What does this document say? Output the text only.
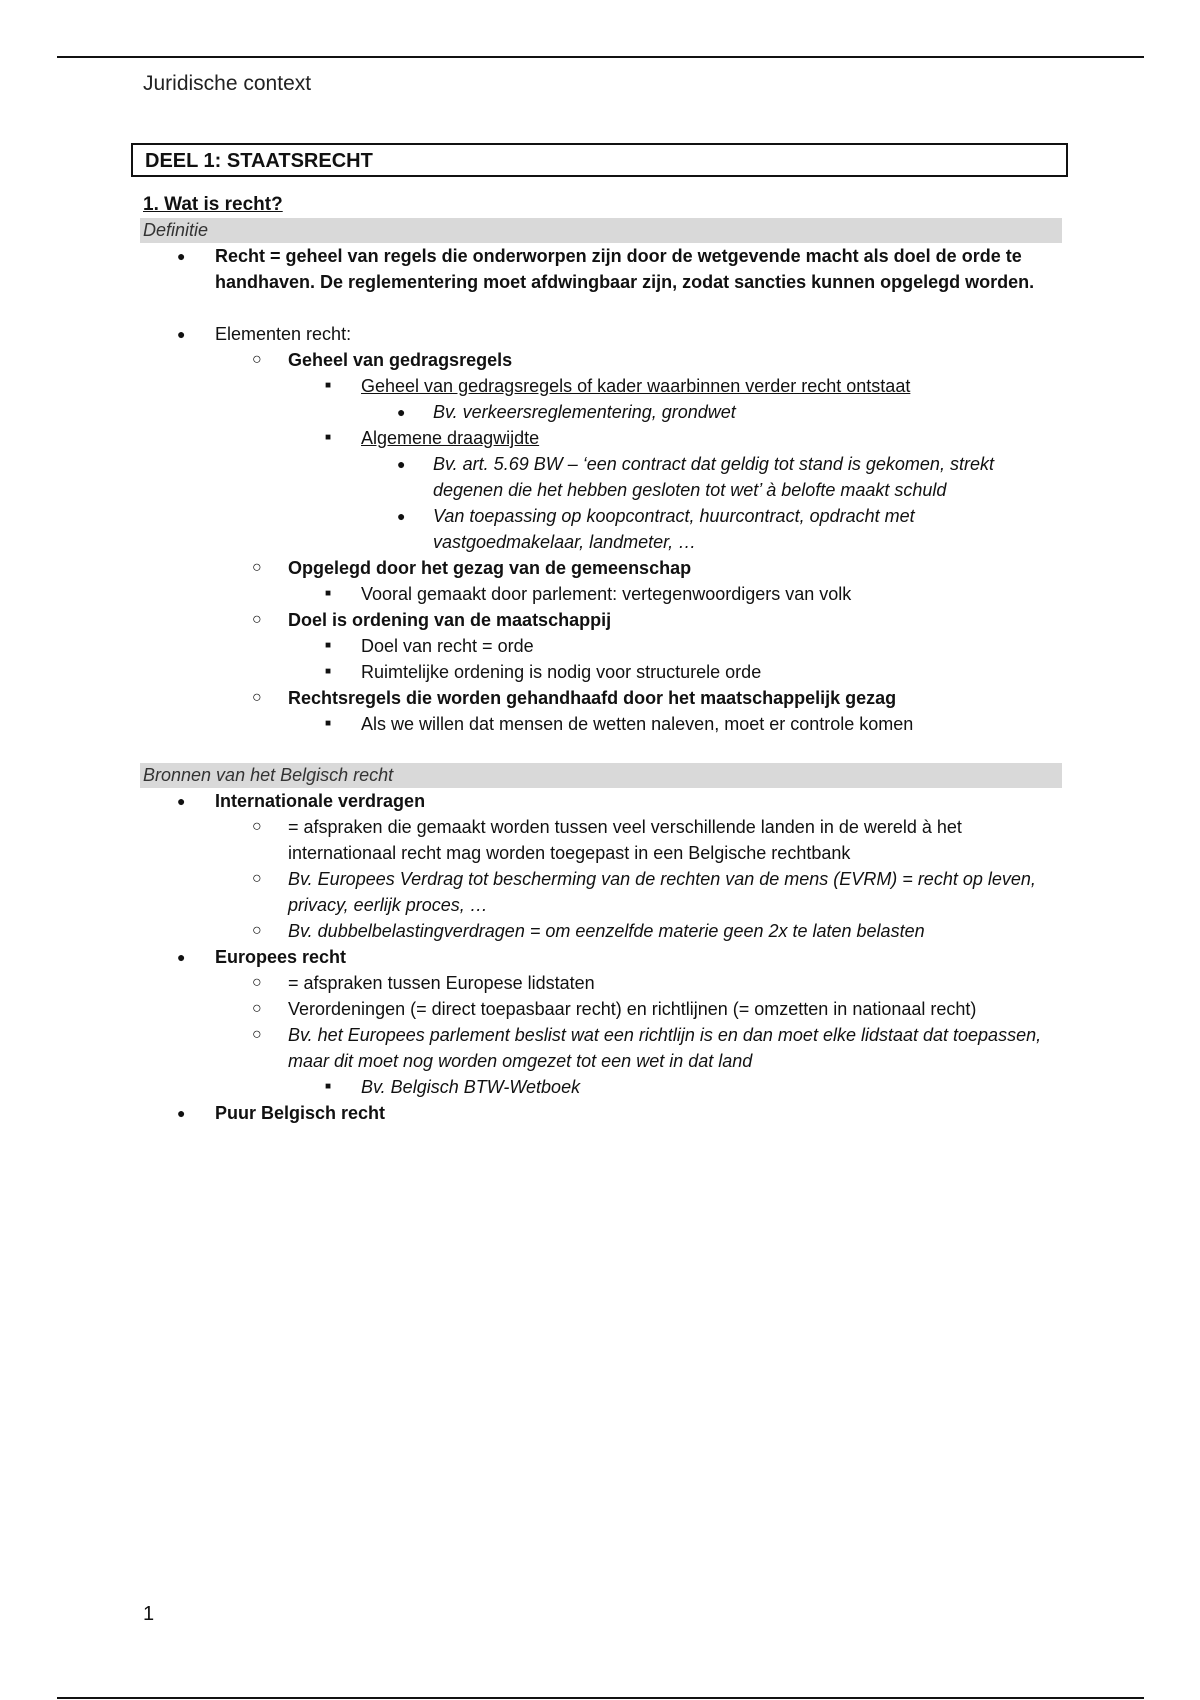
Juridische context
DEEL 1: STAATSRECHT
1. Wat is recht?
Definitie
● Recht = geheel van regels die onderworpen zijn door de wetgevende macht als doel de orde te handhaven. De reglementering moet afdwingbaar zijn, zodat sancties kunnen opgelegd worden.
● Elementen recht:
○ Geheel van gedragsregels
■ Geheel van gedragsregels of kader waarbinnen verder recht ontstaat
● Bv. verkeersreglementering, grondwet
■ Algemene draagwijdte
● Bv. art. 5.69 BW – ‘een contract dat geldig tot stand is gekomen, strekt degenen die het hebben gesloten tot wet’ à belofte maakt schuld
● Van toepassing op koopcontract, huurcontract, opdracht met vastgoedmakelaar, landmeter, …
○ Opgelegd door het gezag van de gemeenschap
■ Vooral gemaakt door parlement: vertegenwoordigers van volk
○ Doel is ordening van de maatschappij
■ Doel van recht = orde
■ Ruimtelijke ordening is nodig voor structurele orde
○ Rechtsregels die worden gehandhaafd door het maatschappelijk gezag
■ Als we willen dat mensen de wetten naleven, moet er controle komen
Bronnen van het Belgisch recht
● Internationale verdragen
○ = afspraken die gemaakt worden tussen veel verschillende landen in de wereld à het internationaal recht mag worden toegepast in een Belgische rechtbank
○ Bv. Europees Verdrag tot bescherming van de rechten van de mens (EVRM) = recht op leven, privacy, eerlijk proces, …
○ Bv. dubbelbelastingverdragen = om eenzelfde materie geen 2x te laten belasten
● Europees recht
○ = afspraken tussen Europese lidstaten
○ Verordeningen (= direct toepasbaar recht) en richtlijnen (= omzetten in nationaal recht)
○ Bv. het Europees parlement beslist wat een richtlijn is en dan moet elke lidstaat dat toepassen, maar dit moet nog worden omgezet tot een wet in dat land
■ Bv. Belgisch BTW-Wetboek
● Puur Belgisch recht
1
